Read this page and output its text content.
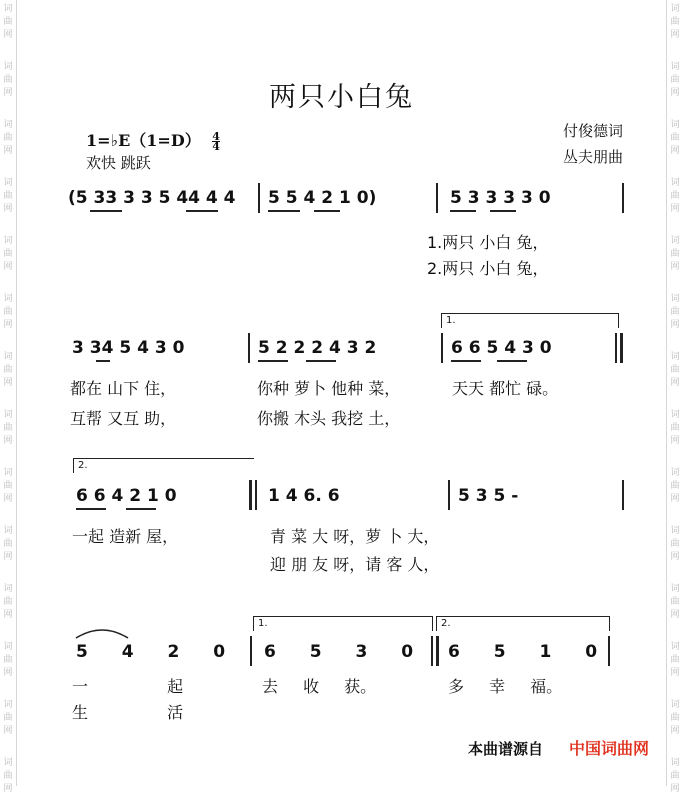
词
曲
网
词
曲
网
词
曲
网
词
曲
网
词
曲
网
词
曲
网
词
曲
网
词
曲
网
词
曲
网
词
曲
网
词
曲
网
词
曲
网
词
曲
网
词
曲
网
词
曲
网
词
曲
网
词
曲
网
词
曲
网
词
曲
网
词
曲
网
词
曲
网
词
曲
网
词
曲
网
词
曲
网
词
曲
网
词
曲
网
词
曲
网
词
曲
网
两只小白兔
1=♭E（1=D） $\frac{4}{4}$
欢快 跳跃
付俊德词
丛夫朋曲
(5 33 3 3 5 44 4 4 5 5 4 2 1 0)	5 3 3 3 3 0
1.两只 小白 兔，
2.两只 小白 兔，
1.
3 34 5 4 3 0	5 2 2 2 4 3 2	6 6 5 4 3 0
都在 山下 住，	你种 萝卜 他种 菜，	天天 都忙 碌。
互帮 又互 助，	你搬 木头 我挖 土，
2.
6 6 4 2 1 0	1 4 6. 6	5 3 5 -
一起 造新 屋，	青 菜 大 呀，萝 卜 大，
迎 朋 友 呀，请 客 人，
1.	2.
5 4 2 0 6 5 3 0 6 5 1 0
一 起	去 收 获。	多 幸 福。
生 活
本曲谱源自 中国词曲网
